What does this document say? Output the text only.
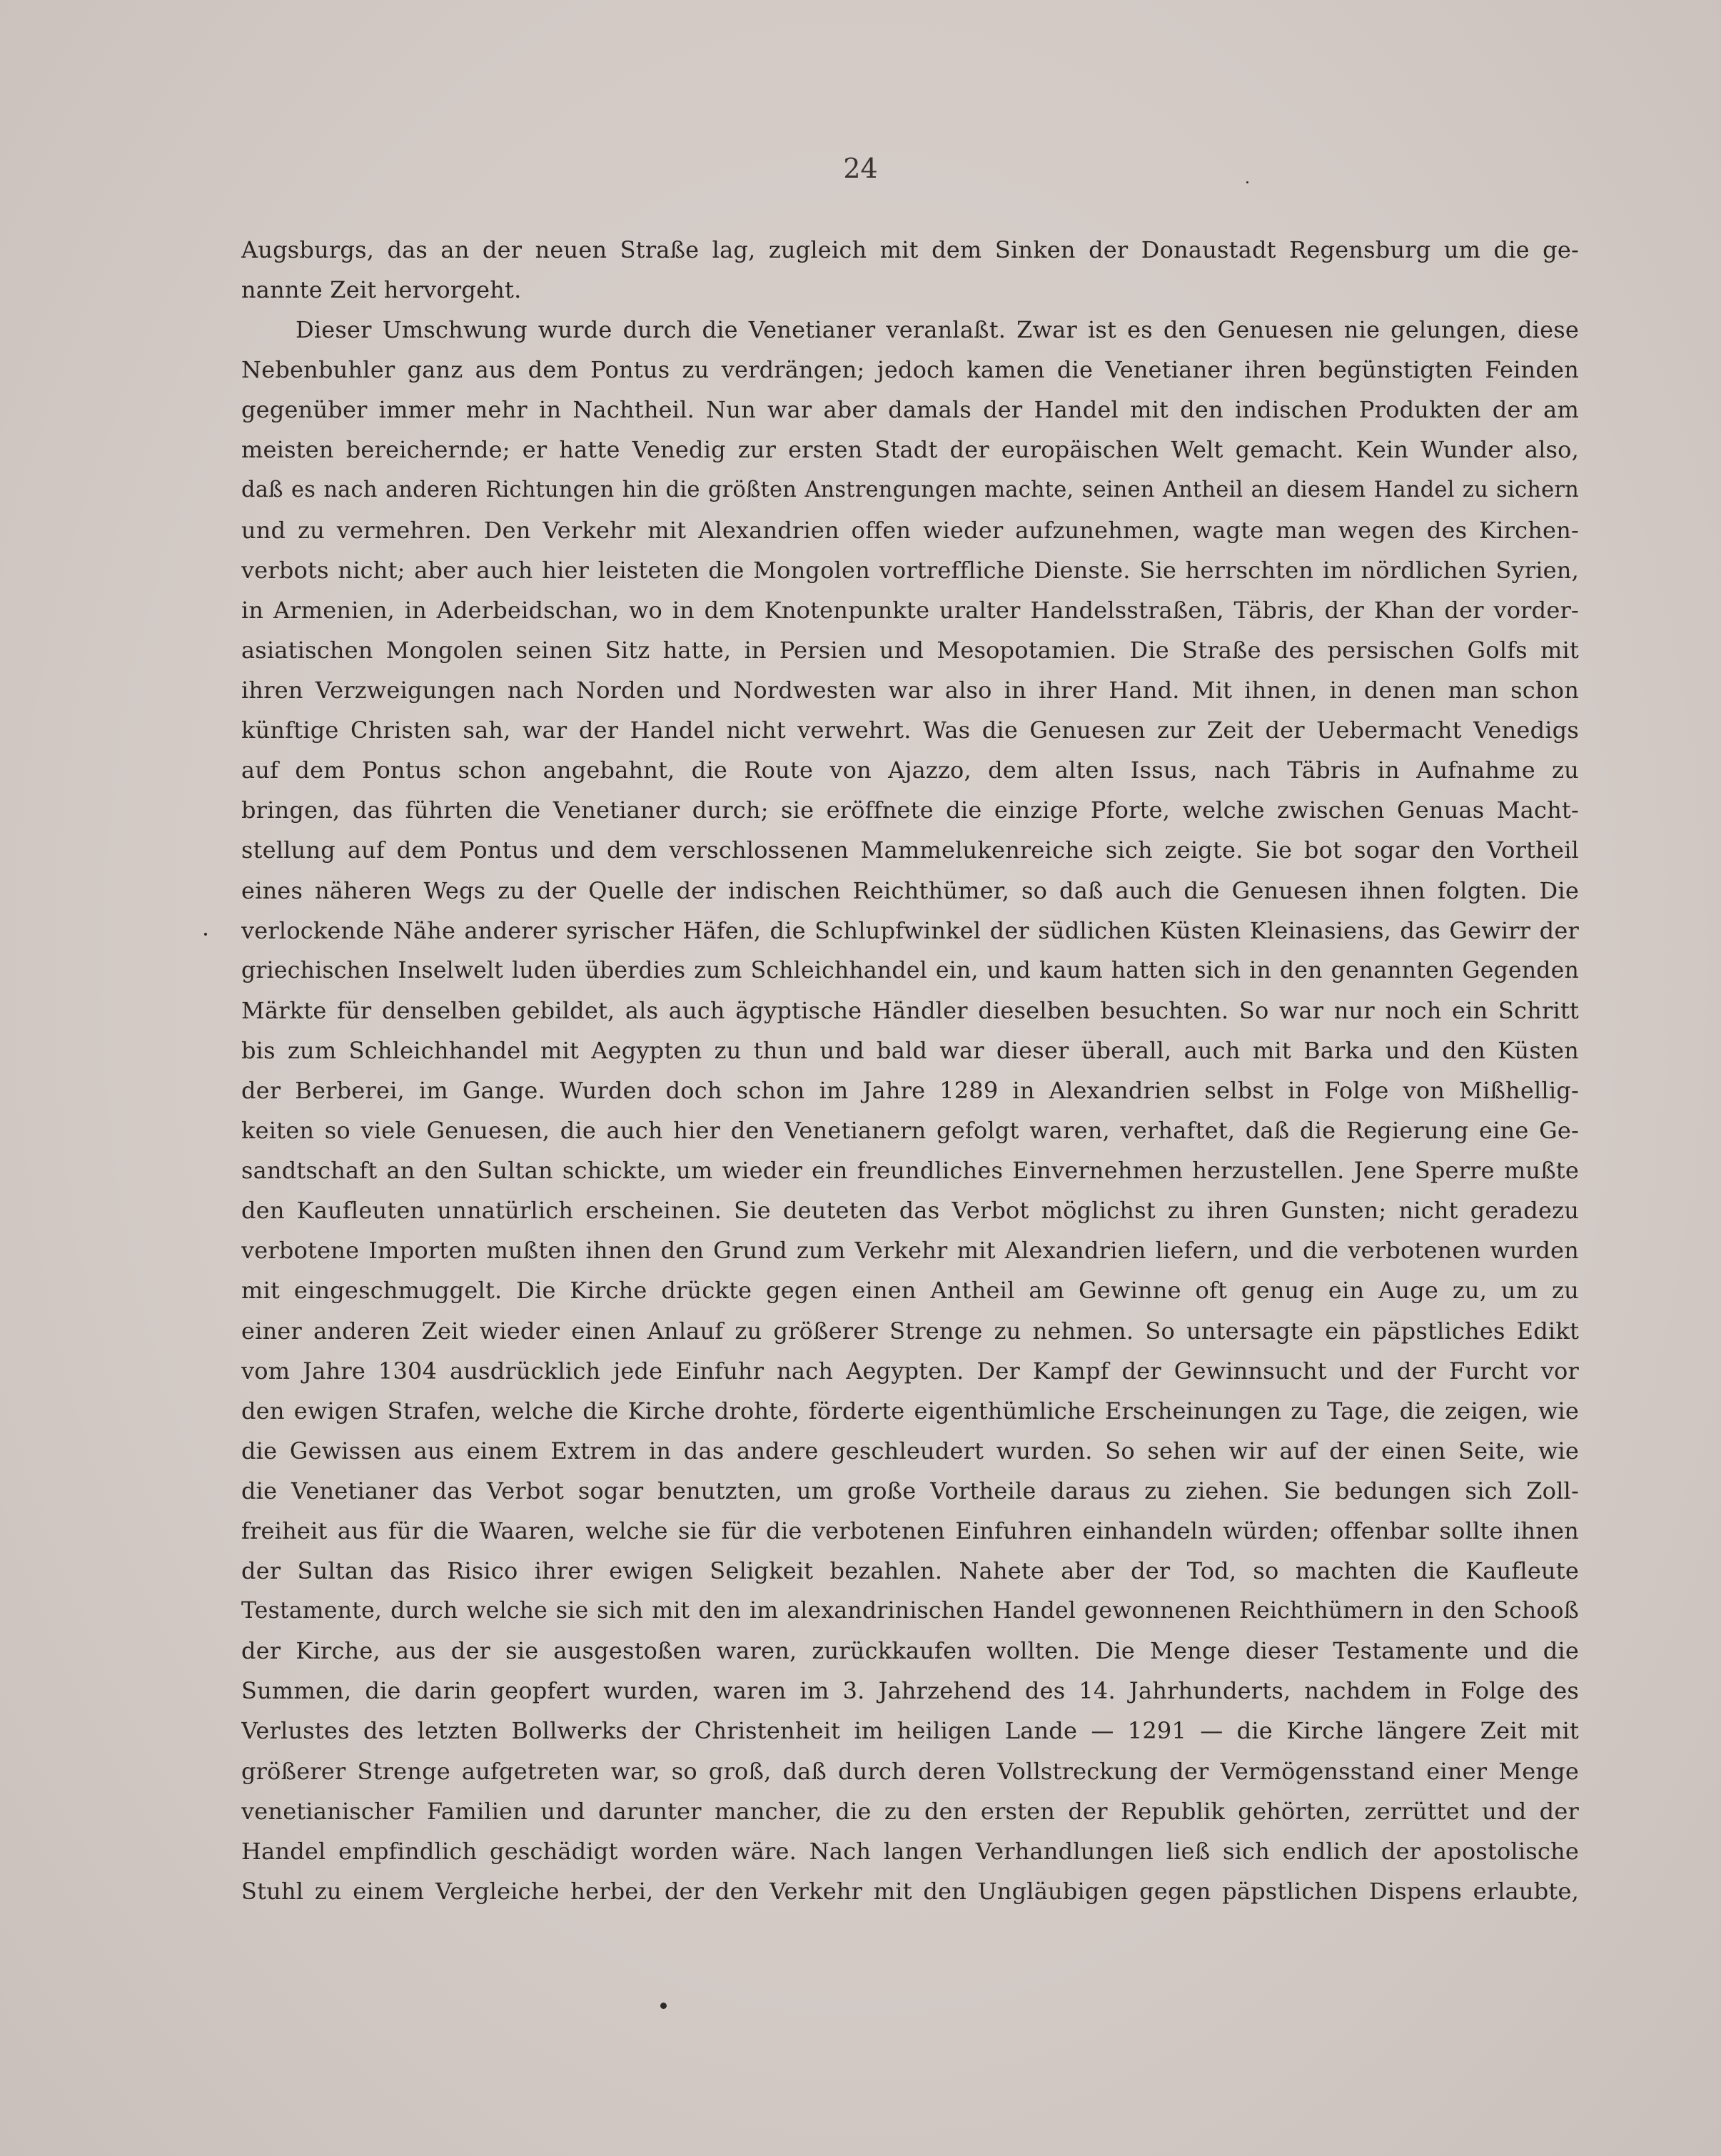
24
Augsburgs, das an der neuen Straße lag, zugleich mit dem Sinken der Donaustadt Regensburg um die ge-
nannte Zeit hervorgeht.
Dieser Umschwung wurde durch die Venetianer veranlaßt. Zwar ist es den Genuesen nie gelungen, diese
Nebenbuhler ganz aus dem Pontus zu verdrängen; jedoch kamen die Venetianer ihren begünstigten Feinden
gegenüber immer mehr in Nachtheil. Nun war aber damals der Handel mit den indischen Produkten der am
meisten bereichernde; er hatte Venedig zur ersten Stadt der europäischen Welt gemacht. Kein Wunder also,
daß es nach anderen Richtungen hin die größten Anstrengungen machte, seinen Antheil an diesem Handel zu sichern
und zu vermehren. Den Verkehr mit Alexandrien offen wieder aufzunehmen, wagte man wegen des Kirchen-
verbots nicht; aber auch hier leisteten die Mongolen vortreffliche Dienste. Sie herrschten im nördlichen Syrien,
in Armenien, in Aderbeidschan, wo in dem Knotenpunkte uralter Handelsstraßen, Täbris, der Khan der vorder-
asiatischen Mongolen seinen Sitz hatte, in Persien und Mesopotamien. Die Straße des persischen Golfs mit
ihren Verzweigungen nach Norden und Nordwesten war also in ihrer Hand. Mit ihnen, in denen man schon
künftige Christen sah, war der Handel nicht verwehrt. Was die Genuesen zur Zeit der Uebermacht Venedigs
auf dem Pontus schon angebahnt, die Route von Ajazzo, dem alten Issus, nach Täbris in Aufnahme zu
bringen, das führten die Venetianer durch; sie eröffnete die einzige Pforte, welche zwischen Genuas Macht-
stellung auf dem Pontus und dem verschlossenen Mammelukenreiche sich zeigte. Sie bot sogar den Vortheil
eines näheren Wegs zu der Quelle der indischen Reichthümer, so daß auch die Genuesen ihnen folgten. Die
verlockende Nähe anderer syrischer Häfen, die Schlupfwinkel der südlichen Küsten Kleinasiens, das Gewirr der
griechischen Inselwelt luden überdies zum Schleichhandel ein, und kaum hatten sich in den genannten Gegenden
Märkte für denselben gebildet, als auch ägyptische Händler dieselben besuchten. So war nur noch ein Schritt
bis zum Schleichhandel mit Aegypten zu thun und bald war dieser überall, auch mit Barka und den Küsten
der Berberei, im Gange. Wurden doch schon im Jahre 1289 in Alexandrien selbst in Folge von Mißhellig-
keiten so viele Genuesen, die auch hier den Venetianern gefolgt waren, verhaftet, daß die Regierung eine Ge-
sandtschaft an den Sultan schickte, um wieder ein freundliches Einvernehmen herzustellen. Jene Sperre mußte
den Kaufleuten unnatürlich erscheinen. Sie deuteten das Verbot möglichst zu ihren Gunsten; nicht geradezu
verbotene Importen mußten ihnen den Grund zum Verkehr mit Alexandrien liefern, und die verbotenen wurden
mit eingeschmuggelt. Die Kirche drückte gegen einen Antheil am Gewinne oft genug ein Auge zu, um zu
einer anderen Zeit wieder einen Anlauf zu größerer Strenge zu nehmen. So untersagte ein päpstliches Edikt
vom Jahre 1304 ausdrücklich jede Einfuhr nach Aegypten. Der Kampf der Gewinnsucht und der Furcht vor
den ewigen Strafen, welche die Kirche drohte, förderte eigenthümliche Erscheinungen zu Tage, die zeigen, wie
die Gewissen aus einem Extrem in das andere geschleudert wurden. So sehen wir auf der einen Seite, wie
die Venetianer das Verbot sogar benutzten, um große Vortheile daraus zu ziehen. Sie bedungen sich Zoll-
freiheit aus für die Waaren, welche sie für die verbotenen Einfuhren einhandeln würden; offenbar sollte ihnen
der Sultan das Risico ihrer ewigen Seligkeit bezahlen. Nahete aber der Tod, so machten die Kaufleute
Testamente, durch welche sie sich mit den im alexandrinischen Handel gewonnenen Reichthümern in den Schooß
der Kirche, aus der sie ausgestoßen waren, zurückkaufen wollten. Die Menge dieser Testamente und die
Summen, die darin geopfert wurden, waren im 3. Jahrzehend des 14. Jahrhunderts, nachdem in Folge des
Verlustes des letzten Bollwerks der Christenheit im heiligen Lande — 1291 — die Kirche längere Zeit mit
größerer Strenge aufgetreten war, so groß, daß durch deren Vollstreckung der Vermögensstand einer Menge
venetianischer Familien und darunter mancher, die zu den ersten der Republik gehörten, zerrüttet und der
Handel empfindlich geschädigt worden wäre. Nach langen Verhandlungen ließ sich endlich der apostolische
Stuhl zu einem Vergleiche herbei, der den Verkehr mit den Ungläubigen gegen päpstlichen Dispens erlaubte,
